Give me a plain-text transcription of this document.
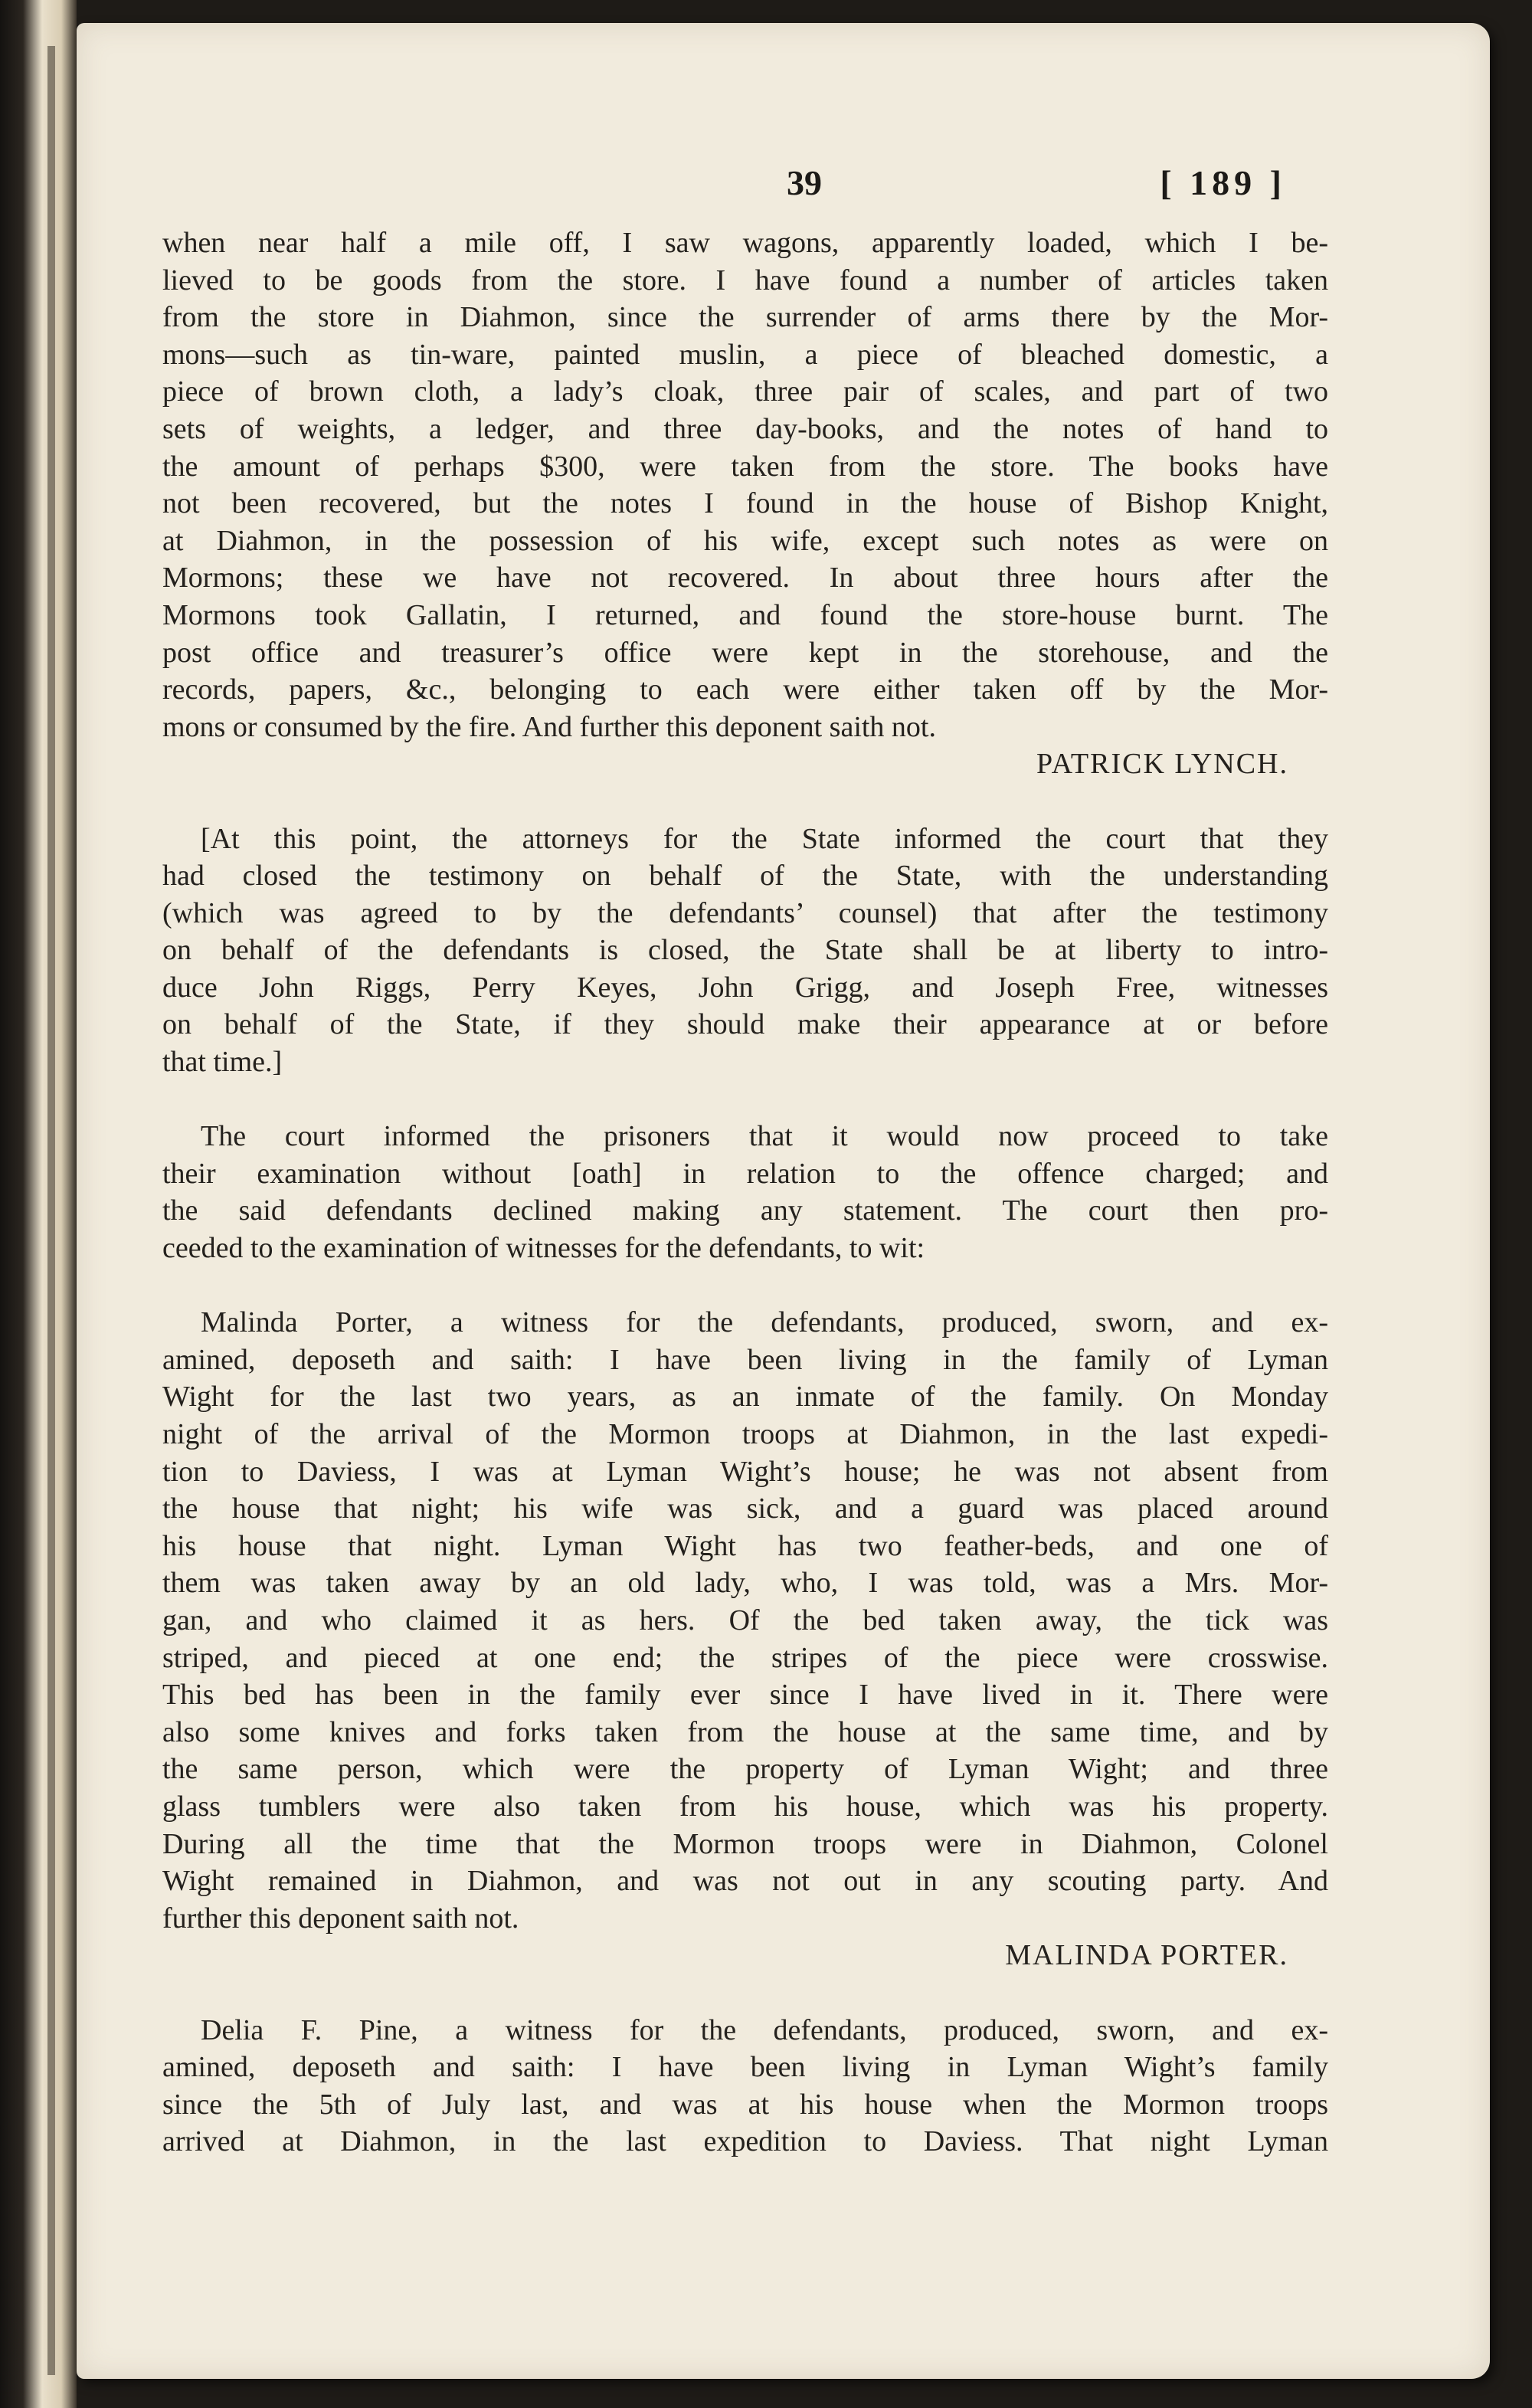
39	[ 189 ]
when near half a mile off, I saw wagons, apparently loaded, which I be-
lieved to be goods from the store. I have found a number of articles taken
from the store in Diahmon, since the surrender of arms there by the Mor-
mons—such as tin-ware, painted muslin, a piece of bleached domestic, a
piece of brown cloth, a lady’s cloak, three pair of scales, and part of two
sets of weights, a ledger, and three day-books, and the notes of hand to
the amount of perhaps $300, were taken from the store. The books have
not been recovered, but the notes I found in the house of Bishop Knight,
at Diahmon, in the possession of his wife, except such notes as were on
Mormons; these we have not recovered. In about three hours after the
Mormons took Gallatin, I returned, and found the store-house burnt. The
post office and treasurer’s office were kept in the storehouse, and the
records, papers, &c., belonging to each were either taken off by the Mor-
mons or consumed by the fire. And further this deponent saith not.
PATRICK LYNCH.
[At this point, the attorneys for the State informed the court that they
had closed the testimony on behalf of the State, with the understanding
(which was agreed to by the defendants’ counsel) that after the testimony
on behalf of the defendants is closed, the State shall be at liberty to intro-
duce John Riggs, Perry Keyes, John Grigg, and Joseph Free, witnesses
on behalf of the State, if they should make their appearance at or before
that time.]
The court informed the prisoners that it would now proceed to take
their examination without [oath] in relation to the offence charged; and
the said defendants declined making any statement. The court then pro-
ceeded to the examination of witnesses for the defendants, to wit:
Malinda Porter, a witness for the defendants, produced, sworn, and ex-
amined, deposeth and saith: I have been living in the family of Lyman
Wight for the last two years, as an inmate of the family. On Monday
night of the arrival of the Mormon troops at Diahmon, in the last expedi-
tion to Daviess, I was at Lyman Wight’s house; he was not absent from
the house that night; his wife was sick, and a guard was placed around
his house that night. Lyman Wight has two feather-beds, and one of
them was taken away by an old lady, who, I was told, was a Mrs. Mor-
gan, and who claimed it as hers. Of the bed taken away, the tick was
striped, and pieced at one end; the stripes of the piece were crosswise.
This bed has been in the family ever since I have lived in it. There were
also some knives and forks taken from the house at the same time, and by
the same person, which were the property of Lyman Wight; and three
glass tumblers were also taken from his house, which was his property.
During all the time that the Mormon troops were in Diahmon, Colonel
Wight remained in Diahmon, and was not out in any scouting party. And
further this deponent saith not.
MALINDA PORTER.
Delia F. Pine, a witness for the defendants, produced, sworn, and ex-
amined, deposeth and saith: I have been living in Lyman Wight’s family
since the 5th of July last, and was at his house when the Mormon troops
arrived at Diahmon, in the last expedition to Daviess. That night Lyman
